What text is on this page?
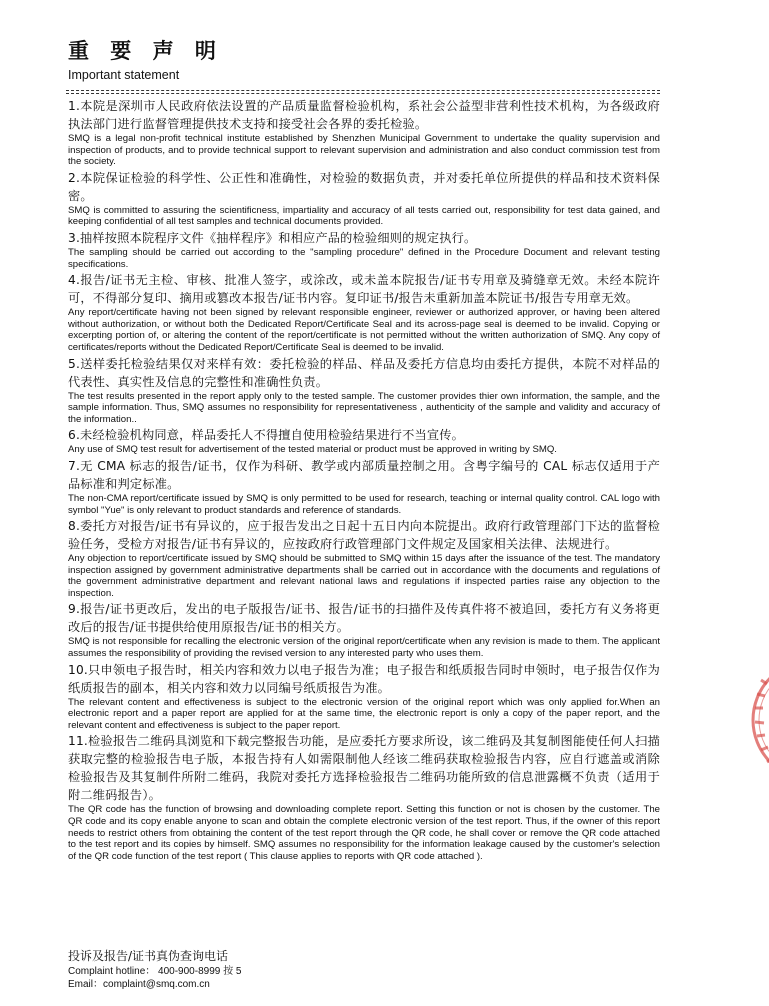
重 要 声 明
Important statement
1.本院是深圳市人民政府依法设置的产品质量监督检验机构，系社会公益型非营利性技术机构，为各级政府执法部门进行监督管理提供技术支持和接受社会各界的委托检验。
SMQ is a legal non-profit technical institute established by Shenzhen Municipal Government to undertake the quality supervision and inspection of products, and to provide technical support to relevant supervision and administration and also conduct commission test from the society.
2.本院保证检验的科学性、公正性和准确性，对检验的数据负责，并对委托单位所提供的样品和技术资料保密。
SMQ is committed to assuring the scientificness, impartiality and accuracy of all tests carried out, responsibility for test data gained, and keeping confidential of all test samples and technical documents provided.
3.抽样按照本院程序文件《抽样程序》和相应产品的检验细则的规定执行。
The sampling should be carried out according to the "sampling procedure" defined in the Procedure Document and relevant testing specifications.
4.报告/证书无主检、审核、批准人签字，或涂改，或未盖本院报告/证书专用章及骑缝章无效。未经本院许可，不得部分复印、摘用或篡改本报告/证书内容。复印证书/报告未重新加盖本院证书/报告专用章无效。
Any report/certificate having not been signed by relevant responsible engineer, reviewer or authorized approver, or having been altered without authorization, or without both the Dedicated Report/Certificate Seal and its across-page seal is deemed to be invalid. Copying or excerpting portion of, or altering the content of the report/certificate is not permitted without the written authorization of SMQ. Any copy of certificates/reports without the Dedicated Report/Certificate Seal is deemed to be invalid.
5.送样委托检验结果仅对来样有效：委托检验的样品、样品及委托方信息均由委托方提供，本院不对样品的代表性、真实性及信息的完整性和准确性负责。
The test results presented in the report apply only to the tested sample. The customer provides thier own information, the sample, and the sample information. Thus, SMQ assumes no responsibility for representativeness , authenticity of the sample and validity and accuracy of the information..
6.未经检验机构同意，样品委托人不得擅自使用检验结果进行不当宣传。
Any use of SMQ test result for advertisement of the tested material or product must be approved in writing by SMQ.
7.无 CMA 标志的报告/证书，仅作为科研、教学或内部质量控制之用。含粤字编号的 CAL 标志仅适用于产品标准和判定标准。
The non-CMA report/certificate issued by SMQ is only permitted to be used for research, teaching or internal quality control. CAL logo with symbol "Yue" is only relevant to product standards and reference of standards.
8.委托方对报告/证书有异议的，应于报告发出之日起十五日内向本院提出。政府行政管理部门下达的监督检验任务，受检方对报告/证书有异议的，应按政府行政管理部门文件规定及国家相关法律、法规进行。
Any objection to report/certificate issued by SMQ should be submitted to SMQ within 15 days after the issuance of the test. The mandatory inspection assigned by government administrative departments shall be carried out in accordance with the documents and regulations of the government administrative department and relevant national laws and regulations if inspected parties raise any objection to the inspection.
9.报告/证书更改后，发出的电子版报告/证书、报告/证书的扫描件及传真件将不被追回，委托方有义务将更改后的报告/证书提供给使用原报告/证书的相关方。
SMQ is not responsible for recalling the electronic version of the original report/certificate when any revision is made to them. The applicant assumes the responsibility of providing the revised version to any interested party who uses them.
10.只申领电子报告时，相关内容和效力以电子报告为准；电子报告和纸质报告同时申领时，电子报告仅作为纸质报告的副本，相关内容和效力以同编号纸质报告为准。
The relevant content and effectiveness is subject to the electronic version of the original report which was only applied for.When an electronic report and a paper report are applied for at the same time, the electronic report is only a copy of the paper report, and the relevant content and effectiveness is subject to the paper report.
11.检验报告二维码具浏览和下载完整报告功能，是应委托方要求所设，该二维码及其复制图能使任何人扫描获取完整的检验报告电子版，本报告持有人如需限制他人经该二维码获取检验报告内容，应自行遮盖或消除检验报告及其复制件所附二维码，我院对委托方选择检验报告二维码功能所致的信息泄露概不负责（适用于附二维码报告）。
The QR code has the function of browsing and downloading complete report. Setting this function or not is chosen by the customer. The QR code and its copy enable anyone to scan and obtain the complete electronic version of the test report. Thus, if the owner of this report needs to restrict others from obtaining the content of the test report through the QR code, he shall cover or remove the QR code attached to the test report and its copies by himself. SMQ assumes no responsibility for the information leakage caused by the customer's selection of the QR code function of the test report ( This clause applies to reports with QR code attached ).
投诉及报告/证书真伪查询电话
Complaint hotline： 400-900-8999 按 5
Email：complaint@smq.com.cn
